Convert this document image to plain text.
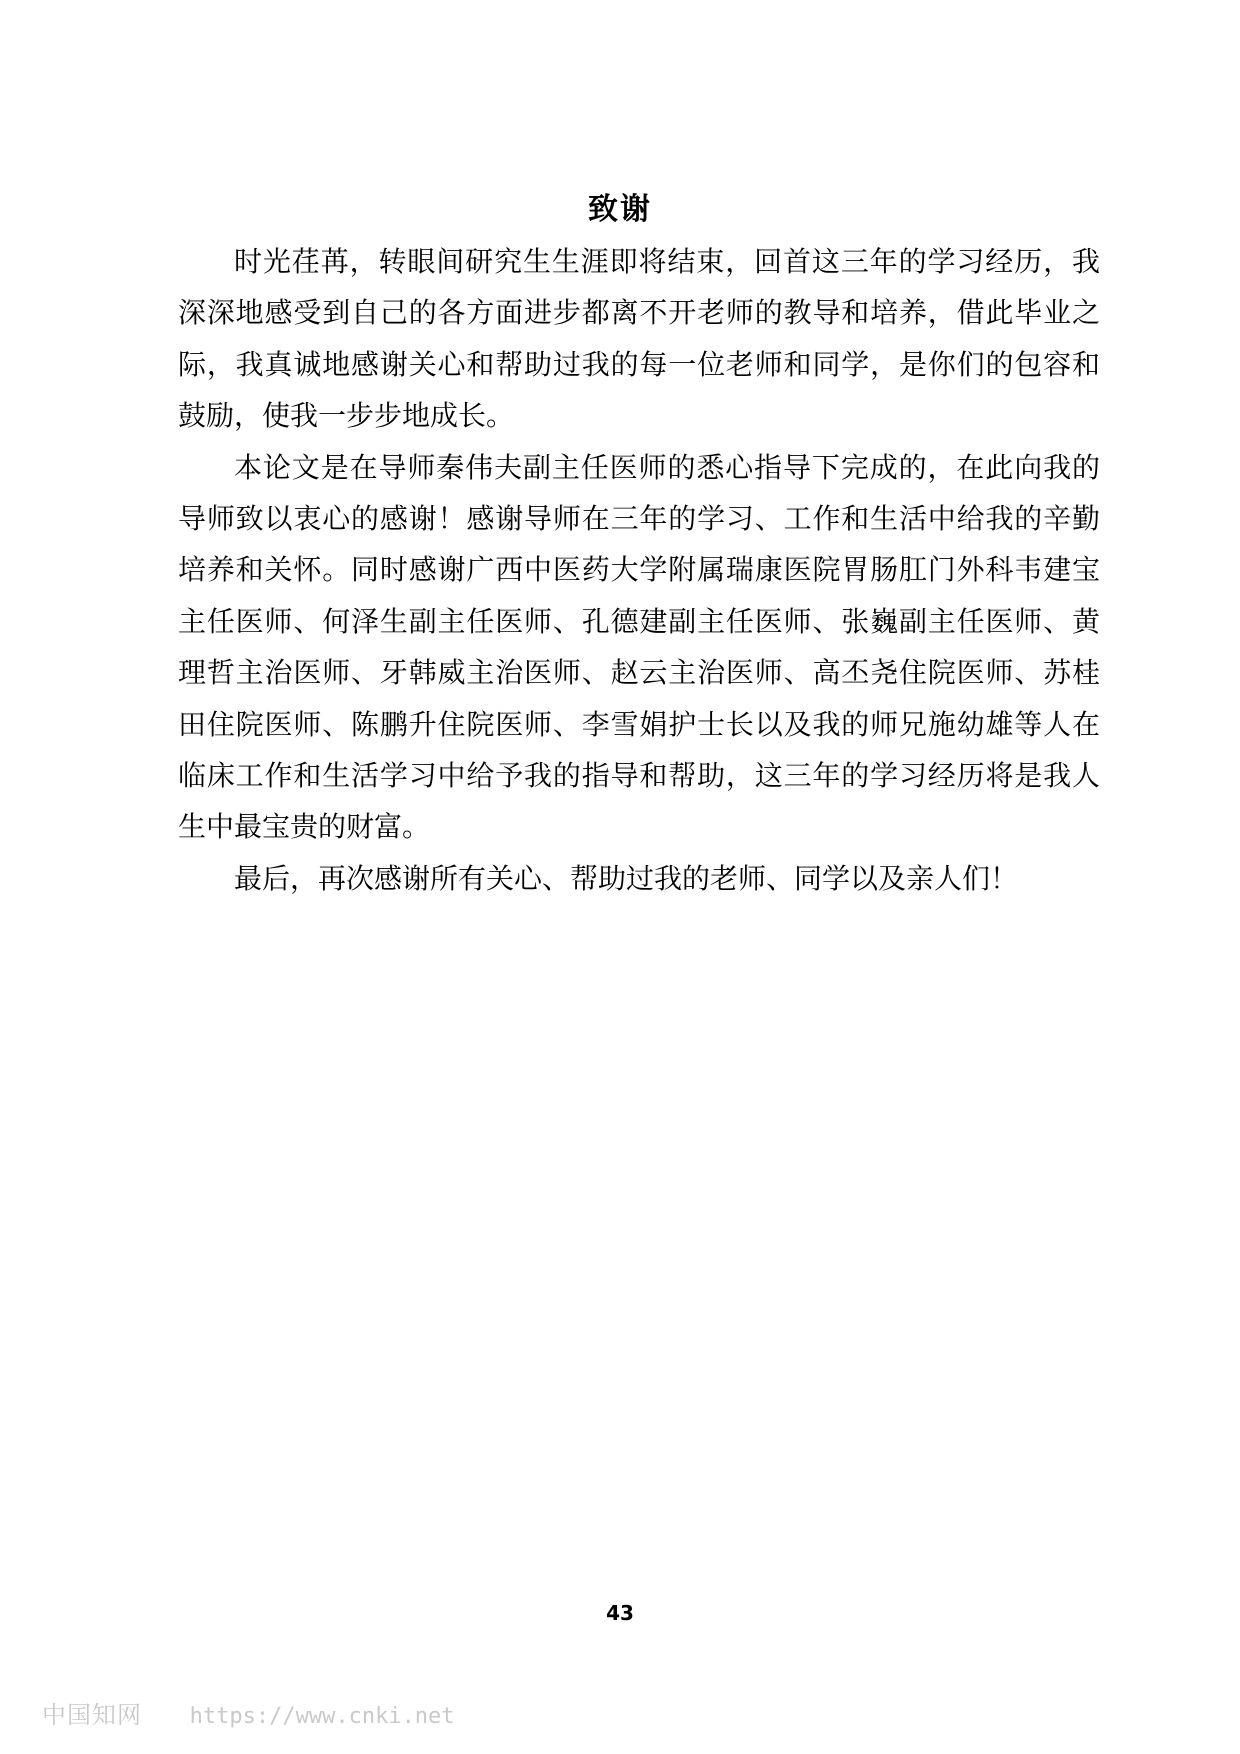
致谢

时光荏苒，转眼间研究生生涯即将结束，回首这三年的学习经历，我深深地感受到自己的各方面进步都离不开老师的教导和培养，借此毕业之际，我真诚地感谢关心和帮助过我的每一位老师和同学，是你们的包容和鼓励，使我一步步地成长。

本论文是在导师秦伟夫副主任医师的悉心指导下完成的，在此向我的导师致以衷心的感谢！感谢导师在三年的学习、工作和生活中给我的辛勤培养和关怀。同时感谢广西中医药大学附属瑞康医院胃肠肛门外科韦建宝主任医师、何泽生副主任医师、孔德建副主任医师、张巍副主任医师、黄理哲主治医师、牙韩威主治医师、赵云主治医师、高丕尧住院医师、苏桂田住院医师、陈鹏升住院医师、李雪娟护士长以及我的师兄施幼雄等人在临床工作和生活学习中给予我的指导和帮助，这三年的学习经历将是我人生中最宝贵的财富。

最后，再次感谢所有关心、帮助过我的老师、同学以及亲人们！

43
中国知网 https://www.cnki.net
